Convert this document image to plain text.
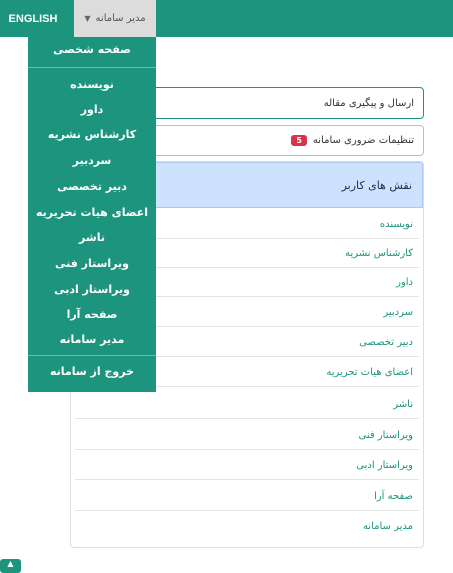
ENGLISH	▼ مدیر سامانه
صفحه شخصی
نویسنده
داور
کارشناس نشریه
سردبیر
دبیر تخصصی
اعضای هیات تحریریه
ناشر
ویراستار فنی
ویراستار ادبی
صفحه آرا
مدیر سامانه
خروج از سامانه
ارسال و پیگیری مقاله
تنظیمات ضروری سامانه
5
نقش های کاربر
نویسنده
کارشناس نشریه
داور
سردبیر
دبیر تخصصی
اعضای هیات تحریریه
ناشر
ویراستار فنی
ویراستار ادبی
صفحه آرا
مدیر سامانه
▲
